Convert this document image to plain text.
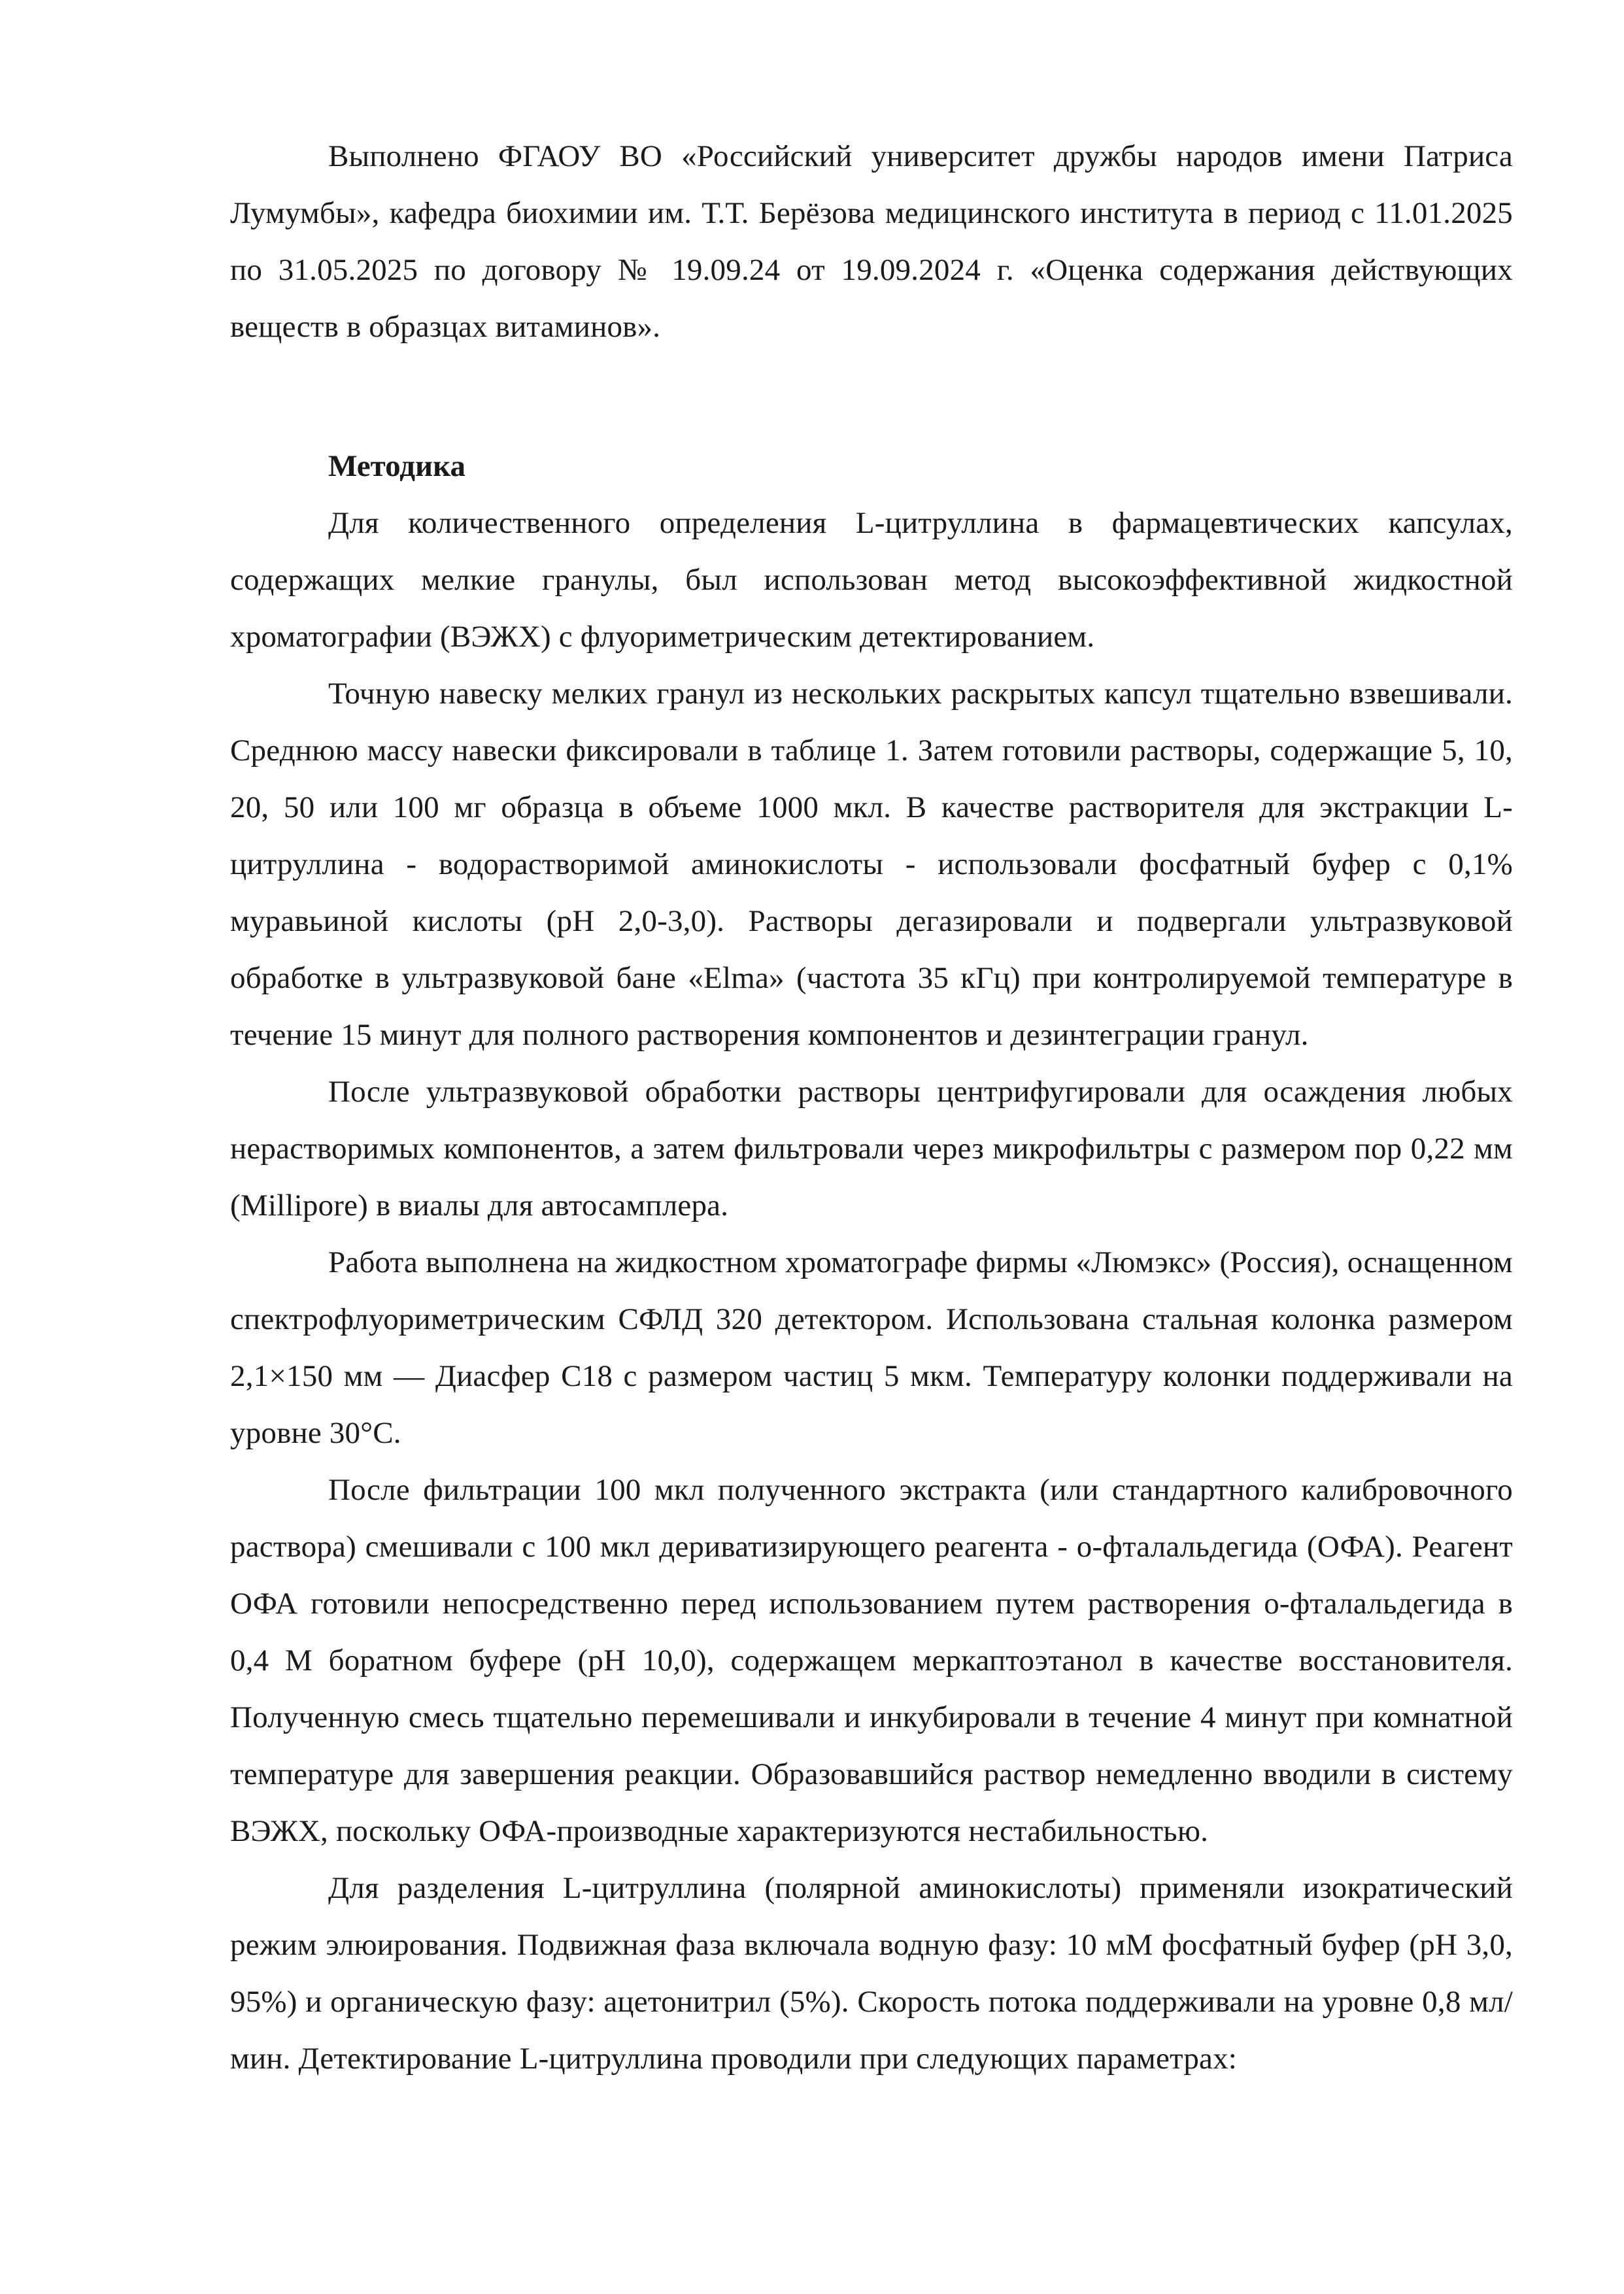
Выполнено ФГАОУ ВО «Российский университет дружбы народов имени Патриса Лумумбы», кафедра биохимии им. Т.Т. Берёзова медицинского института в период с 11.01.2025 по 31.05.2025 по договору № 19.09.24 от 19.09.2024 г. «Оценка содержания действующих веществ в образцах витаминов».

Методика

Для количественного определения L-цитруллина в фармацевтических капсулах, содержащих мелкие гранулы, был использован метод высокоэффективной жидкостной хроматографии (ВЭЖХ) с флуориметрическим детектированием.

Точную навеску мелких гранул из нескольких раскрытых капсул тщательно взвешивали. Среднюю массу навески фиксировали в таблице 1. Затем готовили растворы, содержащие 5, 10, 20, 50 или 100 мг образца в объеме 1000 мкл. В качестве растворителя для экстракции L-цитруллина - водорастворимой аминокислоты - использовали фосфатный буфер с 0,1% муравьиной кислоты (рН 2,0-3,0). Растворы дегазировали и подвергали ультразвуковой обработке в ультразвуковой бане «Elma» (частота 35 кГц) при контролируемой температуре в течение 15 минут для полного растворения компонентов и дезинтеграции гранул.

После ультразвуковой обработки растворы центрифугировали для осаждения любых нерастворимых компонентов, а затем фильтровали через микрофильтры с размером пор 0,22 мм (Millipore) в виалы для автосамплера.

Работа выполнена на жидкостном хроматографе фирмы «Люмэкс» (Россия), оснащенном спектрофлуориметрическим СФЛД 320 детектором. Использована стальная колонка размером 2,1×150 мм — Диасфер С18 с размером частиц 5 мкм. Температуру колонки поддерживали на уровне 30°С.

После фильтрации 100 мкл полученного экстракта (или стандартного калибровочного раствора) смешивали с 100 мкл дериватизирующего реагента - о-фталальдегида (ОФА). Реагент ОФА готовили непосредственно перед использованием путем растворения о-фталальдегида в 0,4 М боратном буфере (рН 10,0), содержащем меркаптоэтанол в качестве восстановителя. Полученную смесь тщательно перемешивали и инкубировали в течение 4 минут при комнатной температуре для завершения реакции. Образовавшийся раствор немедленно вводили в систему ВЭЖХ, поскольку ОФА-производные характеризуются нестабильностью.

Для разделения L-цитруллина (полярной аминокислоты) применяли изократический режим элюирования. Подвижная фаза включала водную фазу: 10 мМ фосфатный буфер (рН 3,0, 95%) и органическую фазу: ацетонитрил (5%). Скорость потока поддерживали на уровне 0,8 мл/мин. Детектирование L-цитруллина проводили при следующих параметрах:
